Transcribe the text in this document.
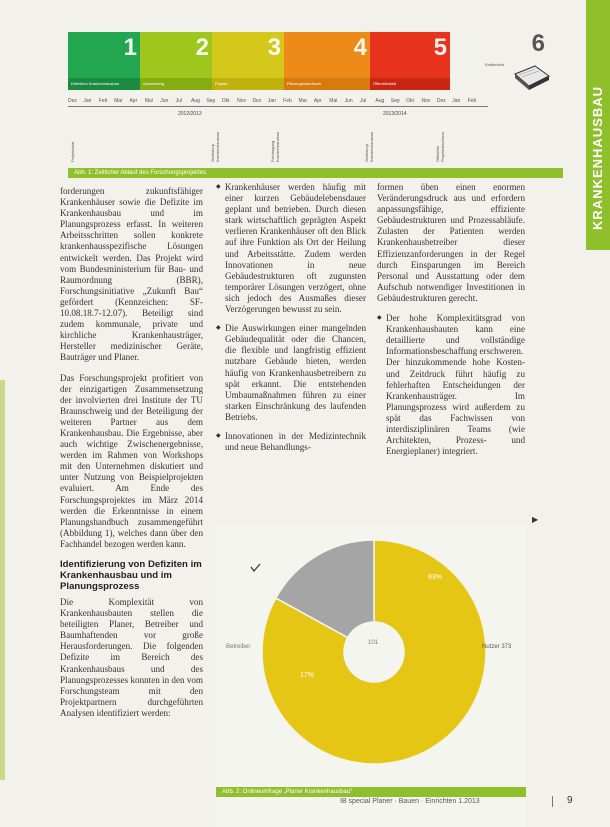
KRANKENHAUSBAU
1
Definition Krankenhausbau
2
Auswertung
3
Projekt
4
Planungshandbuch
5
Öffentlichkeit
6
Endbericht
Dez Jan Feb Mar Apr Mai Jun Jul Aug Sep Okt Nov Dez Jan Feb Mar Apr Mai Jun Jul Aug Sep Okt Nov Dez Jan Feb
2012/2013	2013/2014
Projektstart	Workshop Krankenhausbau	Fachtagung Krankenhausbau	Workshop Krankenhausbau	Offizieller Projektabschluss
Abb. 1: Zeitlicher Ablauf des Forschungsprojektes

forderungen zukunftsfähiger Krankenhäuser sowie die Defizite im Krankenhausbau und im Planungsprozess erfasst. In weiteren Arbeitsschritten sollen konkrete krankenhausspezifische Lösungen entwickelt werden. Das Projekt wird vom Bundesministerium für Bau- und Raumordnung (BBR), Forschungsinitiative „Zukunft Bau“ gefördert (Kennzeichen: SF-10.08.18.7-12.07). Beteiligt sind zudem kommunale, private und kirchliche Krankenhausträger, Hersteller medizinischer Geräte, Bauträger und Planer.

Das Forschungsprojekt profitiert von der einzigartigen Zusammensetzung der involvierten drei Institute der TU Braunschweig und der Beteiligung der weiteren Partner aus dem Krankenhausbau. Die Ergebnisse, aber auch wichtige Zwischenergebnisse, werden im Rahmen von Workshops mit den Unternehmen diskutiert und unter Nutzung von Beispielprojekten evaluiert. Am Ende des Forschungsprojektes im März 2014 werden die Erkenntnisse in einem Planungshandbuch zusammengeführt (Abbildung 1), welches dann über den Fachhandel bezogen werden kann.

Identifizierung von Defiziten im Krankenhausbau und im Planungsprozess

Die Komplexität von Krankenhausbauten stellen die beteiligten Planer, Betreiber und Baumhaftenden vor große Herausforderungen. Die folgenden Defizite im Bereich des Krankenhausbaus und des Planungsprozesses konnten in den vom Forschungsteam mit den Projektpartnern durchgeführten Analysen identifiziert werden:

◆ Krankenhäuser werden häufig mit einer kurzen Gebäudelebensdauer geplant und betrieben. Durch diesen stark wirtschaftlich geprägten Aspekt verlieren Krankenhäuser oft den Blick auf ihre Funktion als Ort der Heilung und Arbeitsstätte. Zudem werden Innovationen in neue Gebäudestrukturen oft zugunsten temporärer Lösungen verzögert, ohne sich jedoch des Ausmaßes dieser Verzögerungen bewusst zu sein.
◆ Die Auswirkungen einer mangelnden Gebäudequalität oder die Chancen, die flexible und langfristig effizient nutzbare Gebäude bieten, werden häufig von Krankenhausbetreibern zu spät erkannt. Die entstehenden Umbaumaßnahmen führen zu einer starken Einschränkung des laufenden Betriebs.
◆ Innovationen in der Medizintechnik und neue Behandlungs-

formen üben einen enormen Veränderungsdruck aus und erfordern anpassungsfähige, effiziente Gebäudestrukturen und Prozessabläufe. Zulasten der Patienten werden Krankenhausbetreiber dieser Effizienzanforderungen in der Regel durch Einsparungen im Bereich Personal und Ausstattung oder dem Aufschub notwendiger Investitionen in Gebäudestrukturen gerecht.

◆ Der hohe Komplexitätsgrad von Krankenhausbauten kann eine detaillierte und vollständige Informationsbeschaffung erschweren.

Der hinzukommende hohe Kosten- und Zeitdruck führt häufig zu fehlerhaften Entscheidungen der Krankenhausträger. Im Planungsprozess wird außerdem zu spät das Fachwissen von interdisziplinären Teams (wie Architekten, Prozess- und Energieplaner) integriert.

▶
Nutzer 373
Betreiber
101
83%
17%
Abb. 2: Onlineumfrage „Planer Krankenhausbau“
IB special Planer · Bauen · Einrichten 1.2013	9
